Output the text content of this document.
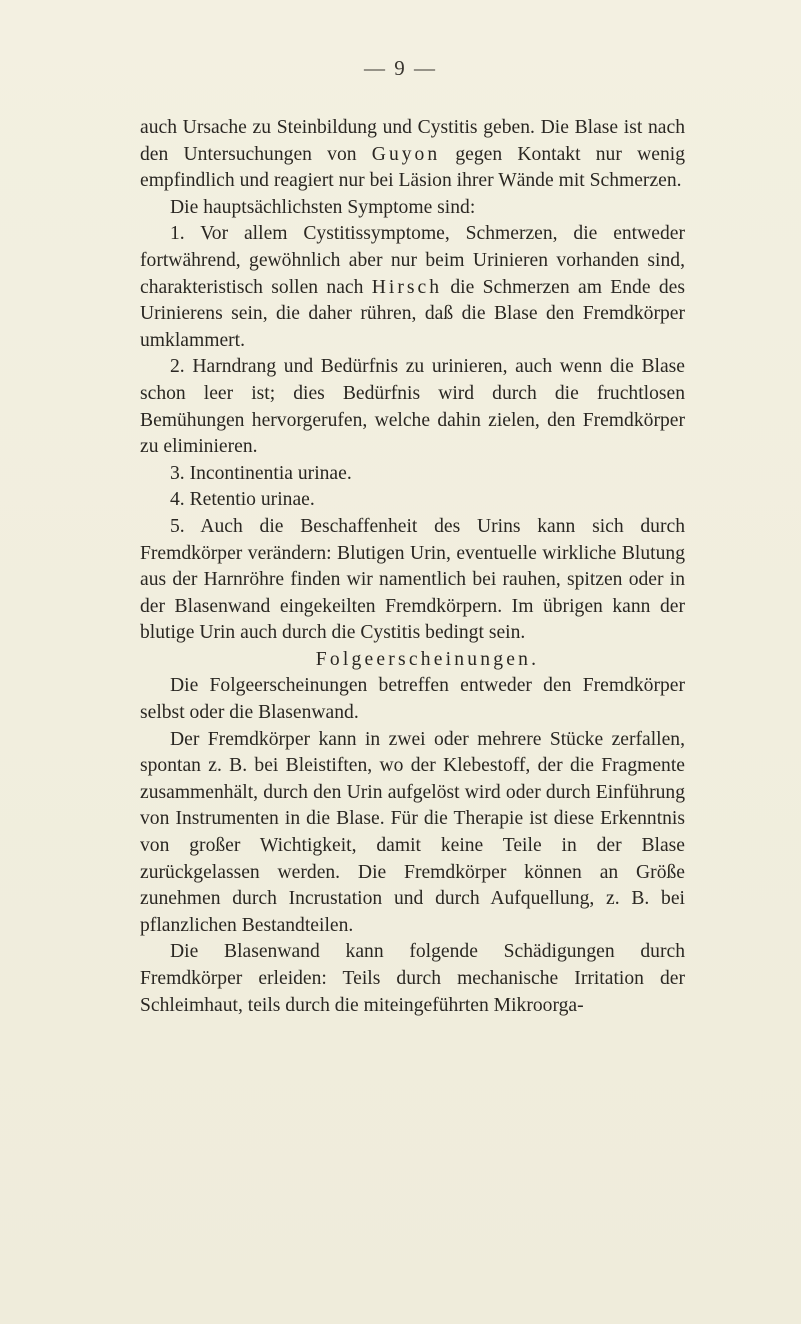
— 9 —

auch Ursache zu Steinbildung und Cystitis geben. Die Blase ist nach den Untersuchungen von Guyon gegen Kontakt nur wenig empfindlich und reagiert nur bei Läsion ihrer Wände mit Schmerzen.

Die hauptsächlichsten Symptome sind:

1. Vor allem Cystitissymptome, Schmerzen, die entweder fortwährend, gewöhnlich aber nur beim Urinieren vorhanden sind, charakteristisch sollen nach Hirsch die Schmerzen am Ende des Urinierens sein, die daher rühren, daß die Blase den Fremdkörper umklammert.

2. Harndrang und Bedürfnis zu urinieren, auch wenn die Blase schon leer ist; dies Bedürfnis wird durch die fruchtlosen Bemühungen hervorgerufen, welche dahin zielen, den Fremdkörper zu eliminieren.

3. Incontinentia urinae.

4. Retentio urinae.

5. Auch die Beschaffenheit des Urins kann sich durch Fremdkörper verändern: Blutigen Urin, eventuelle wirkliche Blutung aus der Harnröhre finden wir namentlich bei rauhen, spitzen oder in der Blasenwand eingekeilten Fremdkörpern. Im übrigen kann der blutige Urin auch durch die Cystitis bedingt sein.

Folgeerscheinungen.

Die Folgeerscheinungen betreffen entweder den Fremdkörper selbst oder die Blasenwand.

Der Fremdkörper kann in zwei oder mehrere Stücke zerfallen, spontan z. B. bei Bleistiften, wo der Klebestoff, der die Fragmente zusammenhält, durch den Urin aufgelöst wird oder durch Einführung von Instrumenten in die Blase. Für die Therapie ist diese Erkenntnis von großer Wichtigkeit, damit keine Teile in der Blase zurückgelassen werden. Die Fremdkörper können an Größe zunehmen durch Incrustation und durch Aufquellung, z. B. bei pflanzlichen Bestandteilen.

Die Blasenwand kann folgende Schädigungen durch Fremdkörper erleiden: Teils durch mechanische Irritation der Schleimhaut, teils durch die miteingeführten Mikroorga-
